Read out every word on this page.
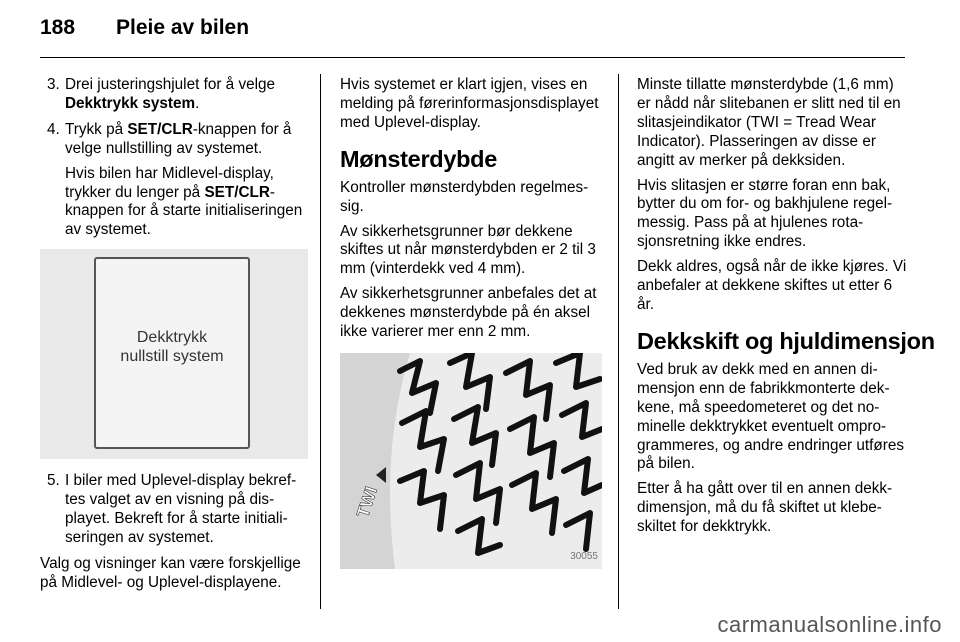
188 Pleie av bilen
3. Drei justeringshjulet for å velge Dekktrykk system.
4. Trykk på SET/CLR-knappen for å velge nullstilling av systemet.

Hvis bilen har Midlevel-display, trykker du lenger på SET/CLR-knappen for å starte initialiseringen av systemet.

Dekktrykk
nullstill system
5. I biler med Uplevel-display bekreftes valget av en visning på displayet. Bekreft for å starte initialiseringen av systemet.

Valg og visninger kan være forskjellige på Midlevel- og Uplevel-displayene.

Hvis systemet er klart igjen, vises en melding på førerinformasjonsdisplayet med Uplevel-display.

Mønsterdybde

Kontroller mønsterdybden regelmessig.

Av sikkerhetsgrunner bør dekkene skiftes ut når mønsterdybden er 2 til 3 mm (vinterdekk ved 4 mm).

Av sikkerhetsgrunner anbefales det at dekkenes mønsterdybde på én aksel ikke varierer mer enn 2 mm.

TWI
30055

Minste tillatte mønsterdybde (1,6 mm) er nådd når slitebanen er slitt ned til en slitasjeindikator (TWI = Tread Wear Indicator). Plasseringen av disse er angitt av merker på dekksiden.

Hvis slitasjen er større foran enn bak, bytter du om for- og bakhjulene regelmessig. Pass på at hjulenes rotasjonsretning ikke endres.

Dekk aldres, også når de ikke kjøres. Vi anbefaler at dekkene skiftes ut etter 6 år.

Dekkskift og hjuldimensjon

Ved bruk av dekk med en annen dimensjon enn de fabrikkmonterte dekkene, må speedometeret og det nominelle dekktrykket eventuelt omprogrammeres, og andre endringer utføres på bilen.

Etter å ha gått over til en annen dekkdimensjon, må du få skiftet ut klebeskiltet for dekktrykk.

carmanualsonline.info
